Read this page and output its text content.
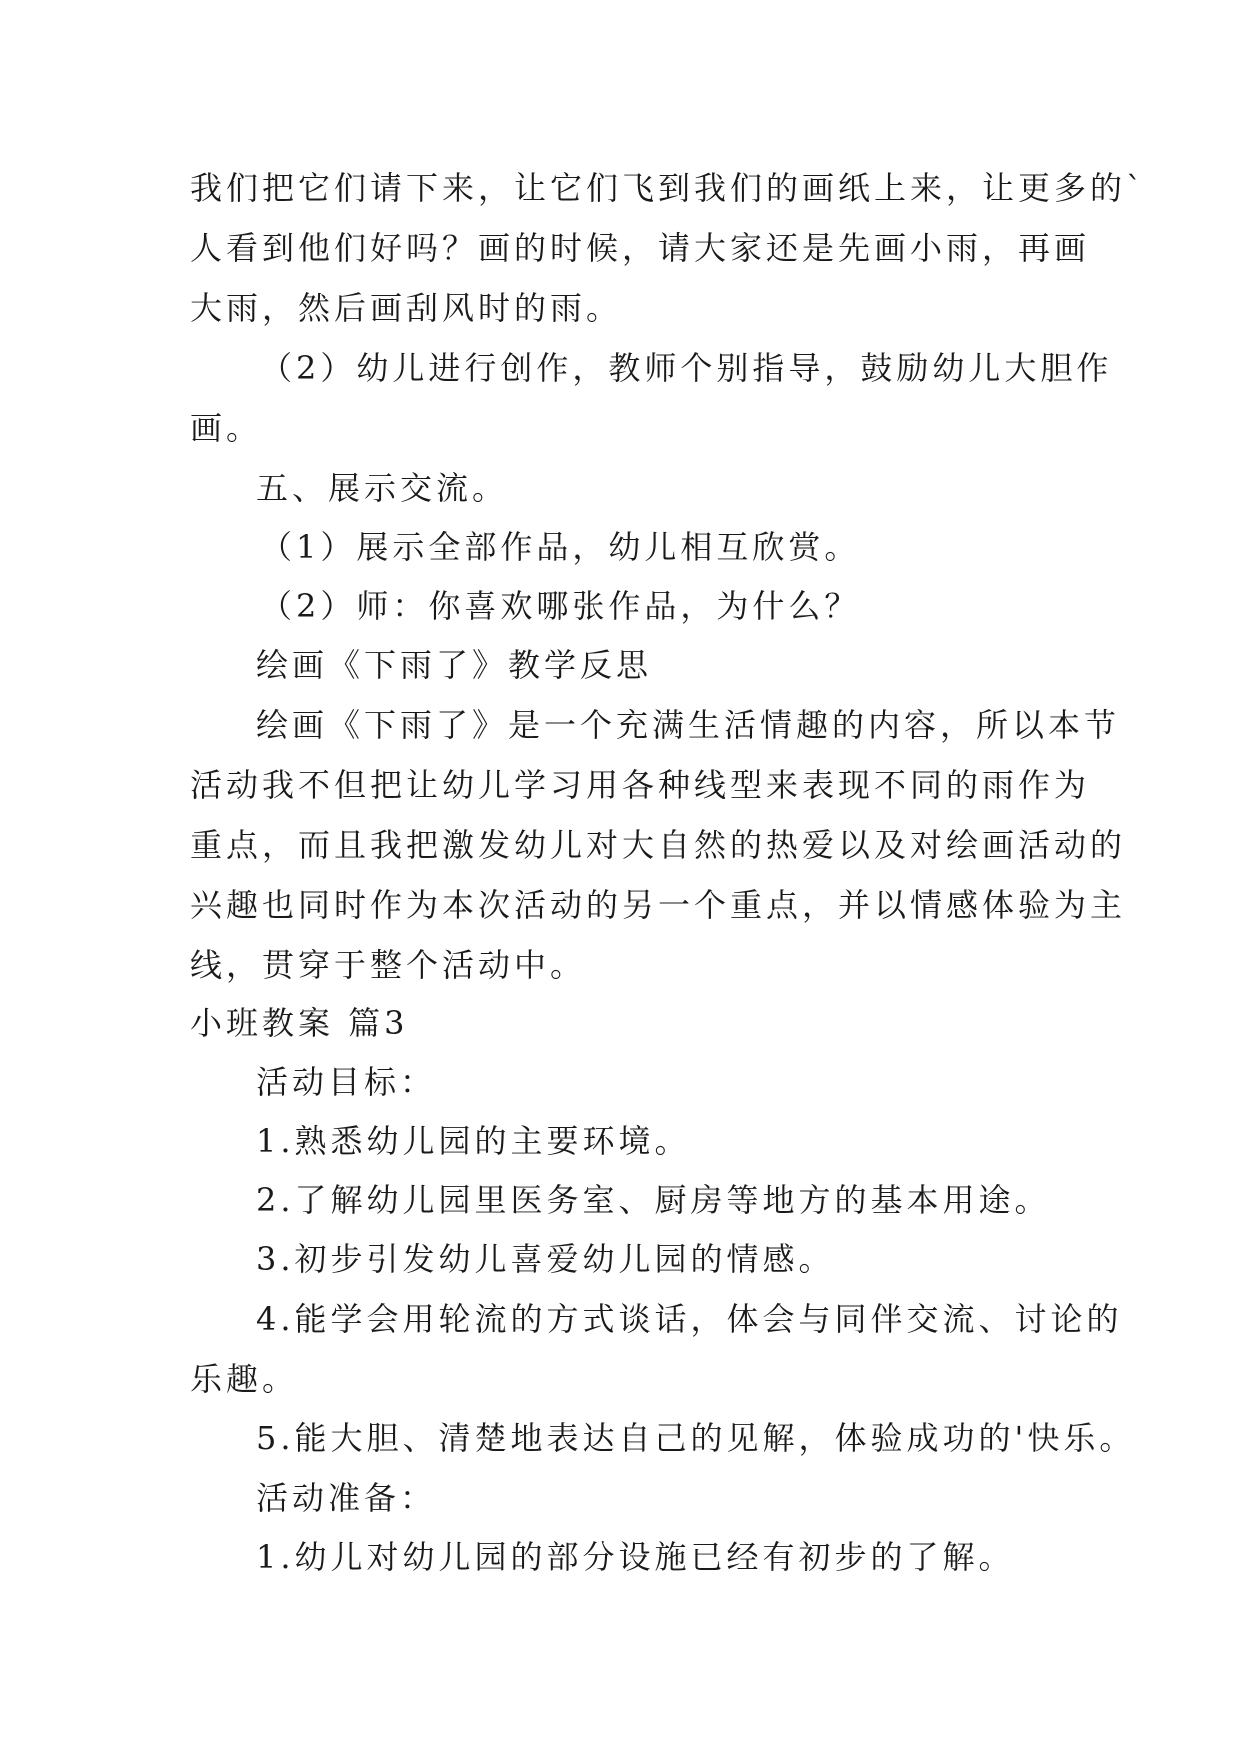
我们把它们请下来，让它们飞到我们的画纸上来，让更多的`
人看到他们好吗？画的时候，请大家还是先画小雨，再画
大雨，然后画刮风时的雨。
（2）幼儿进行创作，教师个别指导，鼓励幼儿大胆作
画。
五、展示交流。
（1）展示全部作品，幼儿相互欣赏。
（2）师：你喜欢哪张作品，为什么？
绘画《下雨了》教学反思
绘画《下雨了》是一个充满生活情趣的内容，所以本节
活动我不但把让幼儿学习用各种线型来表现不同的雨作为
重点，而且我把激发幼儿对大自然的热爱以及对绘画活动的
兴趣也同时作为本次活动的另一个重点，并以情感体验为主
线，贯穿于整个活动中。
小班教案 篇3
活动目标：
1.熟悉幼儿园的主要环境。
2.了解幼儿园里医务室、厨房等地方的基本用途。
3.初步引发幼儿喜爱幼儿园的情感。
4.能学会用轮流的方式谈话，体会与同伴交流、讨论的
乐趣。
5.能大胆、清楚地表达自己的见解，体验成功的'快乐。
活动准备：
1.幼儿对幼儿园的部分设施已经有初步的了解。
